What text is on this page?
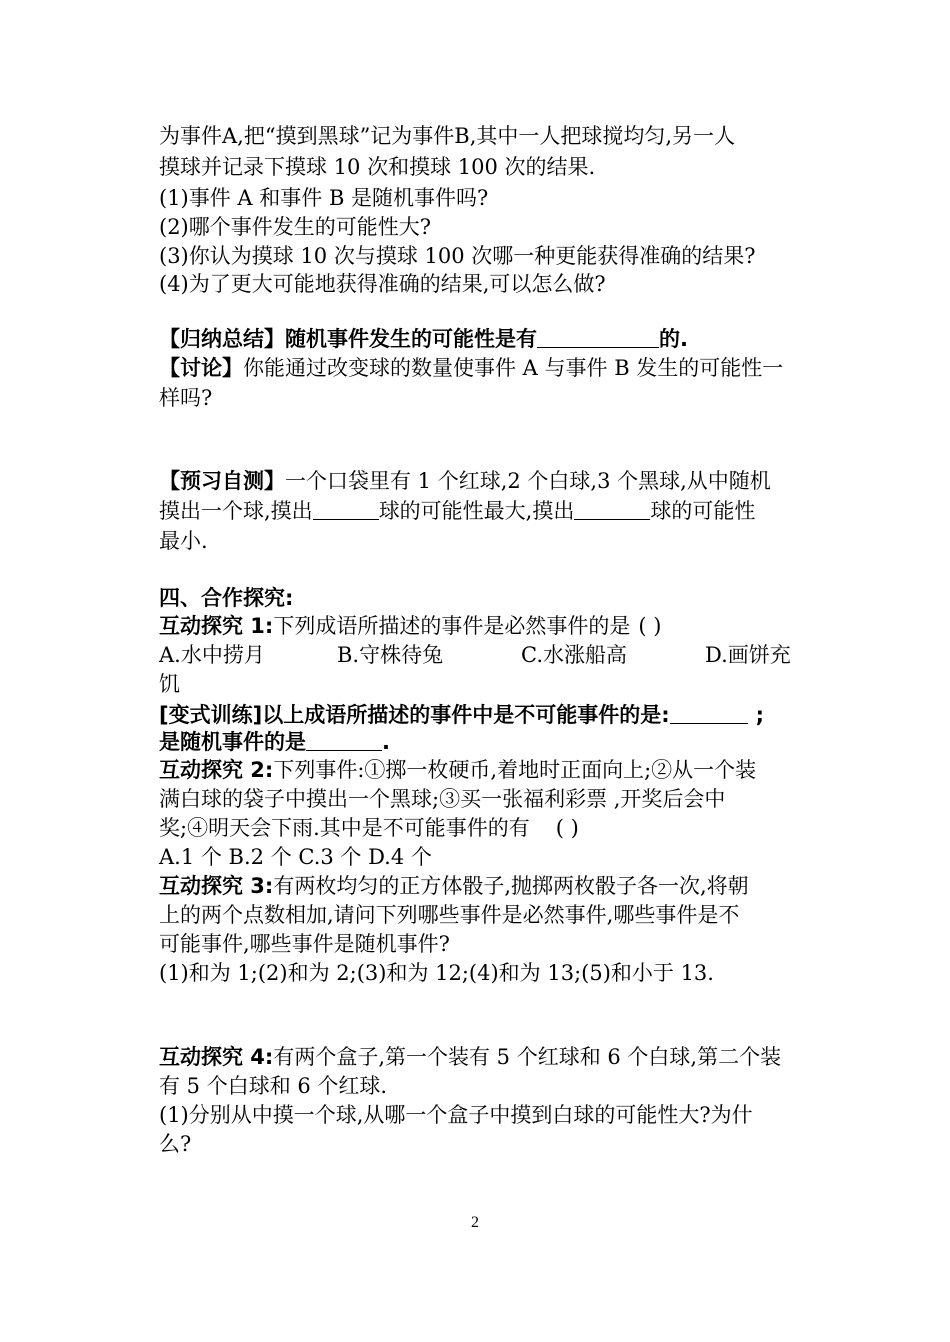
为事件A,把“摸到黑球”记为事件B,其中一人把球搅均匀,另一人
摸球并记录下摸球 10 次和摸球 100 次的结果.
(1)事件 A 和事件 B 是随机事件吗?
(2)哪个事件发生的可能性大?
(3)你认为摸球 10 次与摸球 100 次哪一种更能获得准确的结果?
(4)为了更大可能地获得准确的结果,可以怎么做?
【归纳总结】随机事件发生的可能性是有	的.
【讨论】你能通过改变球的数量使事件 A 与事件 B 发生的可能性一
样吗?
【预习自测】一个口袋里有 1 个红球,2 个白球,3 个黑球,从中随机
摸出一个球,摸出	球的可能性最大,摸出	球的可能性
最小.
四、合作探究:
互动探究 1:下列成语所描述的事件是必然事件的是 ( )
A.水中捞月	B.守株待兔	C.水涨船高	D.画饼充
饥
[变式训练]以上成语所描述的事件中是不可能事件的是:	;
是随机事件的是	.
互动探究 2:下列事件:①掷一枚硬币,着地时正面向上;②从一个装
满白球的袋子中摸出一个黑球;③买一张福利彩票 ,开奖后会中
奖;④明天会下雨.其中是不可能事件的有 ( )
A.1 个 B.2 个 C.3 个 D.4 个
互动探究 3:有两枚均匀的正方体骰子,抛掷两枚骰子各一次,将朝
上的两个点数相加,请问下列哪些事件是必然事件,哪些事件是不
可能事件,哪些事件是随机事件?
(1)和为 1;(2)和为 2;(3)和为 12;(4)和为 13;(5)和小于 13.
互动探究 4:有两个盒子,第一个装有 5 个红球和 6 个白球,第二个装
有 5 个白球和 6 个红球.
(1)分别从中摸一个球,从哪一个盒子中摸到白球的可能性大?为什
么?
2
